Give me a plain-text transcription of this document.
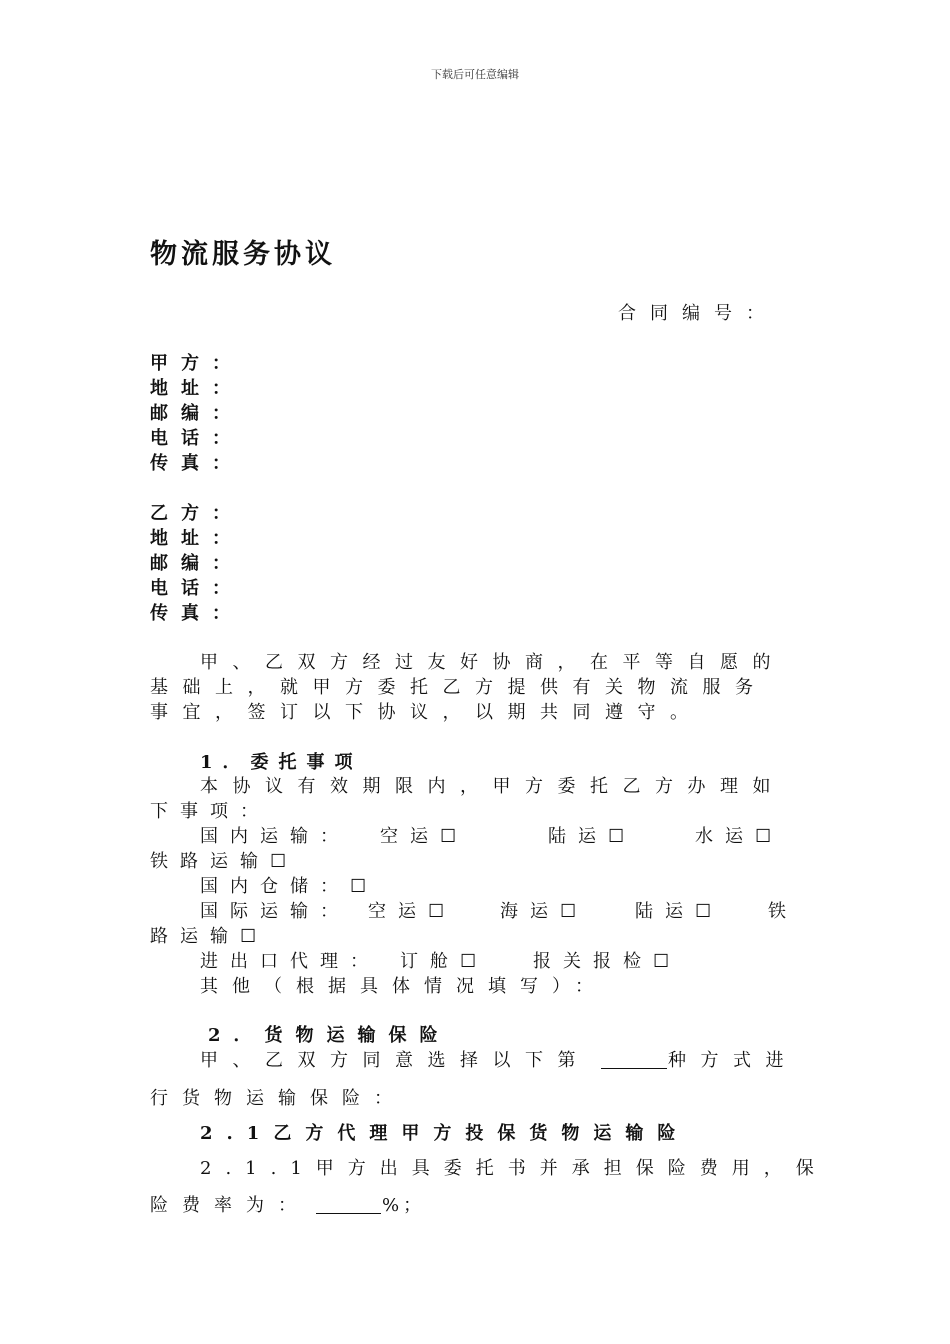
下载后可任意编辑
物流服务协议
合同编号：
甲方：
地址：
邮编：
电话：
传真：
乙方：
地址：
邮编：
电话：
传真：
甲、乙双方经过友好协商，在平等自愿的
基础上，就甲方委托乙方提供有关物流服务
事宜，签订以下协议，以期共同遵守。
1．委托事项
本协议有效期限内，甲方委托乙方办理如
下事项：
国内运输： 空运☐	陆运☐	水运☐
铁路运输☐
国内仓储：☐
国际运输： 空运☐ 海运☐	陆运☐ 铁
路运输☐
进出口代理： 订舱☐ 报关报检☐
其他（根据具体情况填写）：
2．货物运输保险
甲、乙双方同意选择以下第	种方式进
行货物运输保险：
2.1乙方代理甲方投保货物运输险
2.1.1甲方出具委托书并承担保险费用，保
险费率为：	%；
